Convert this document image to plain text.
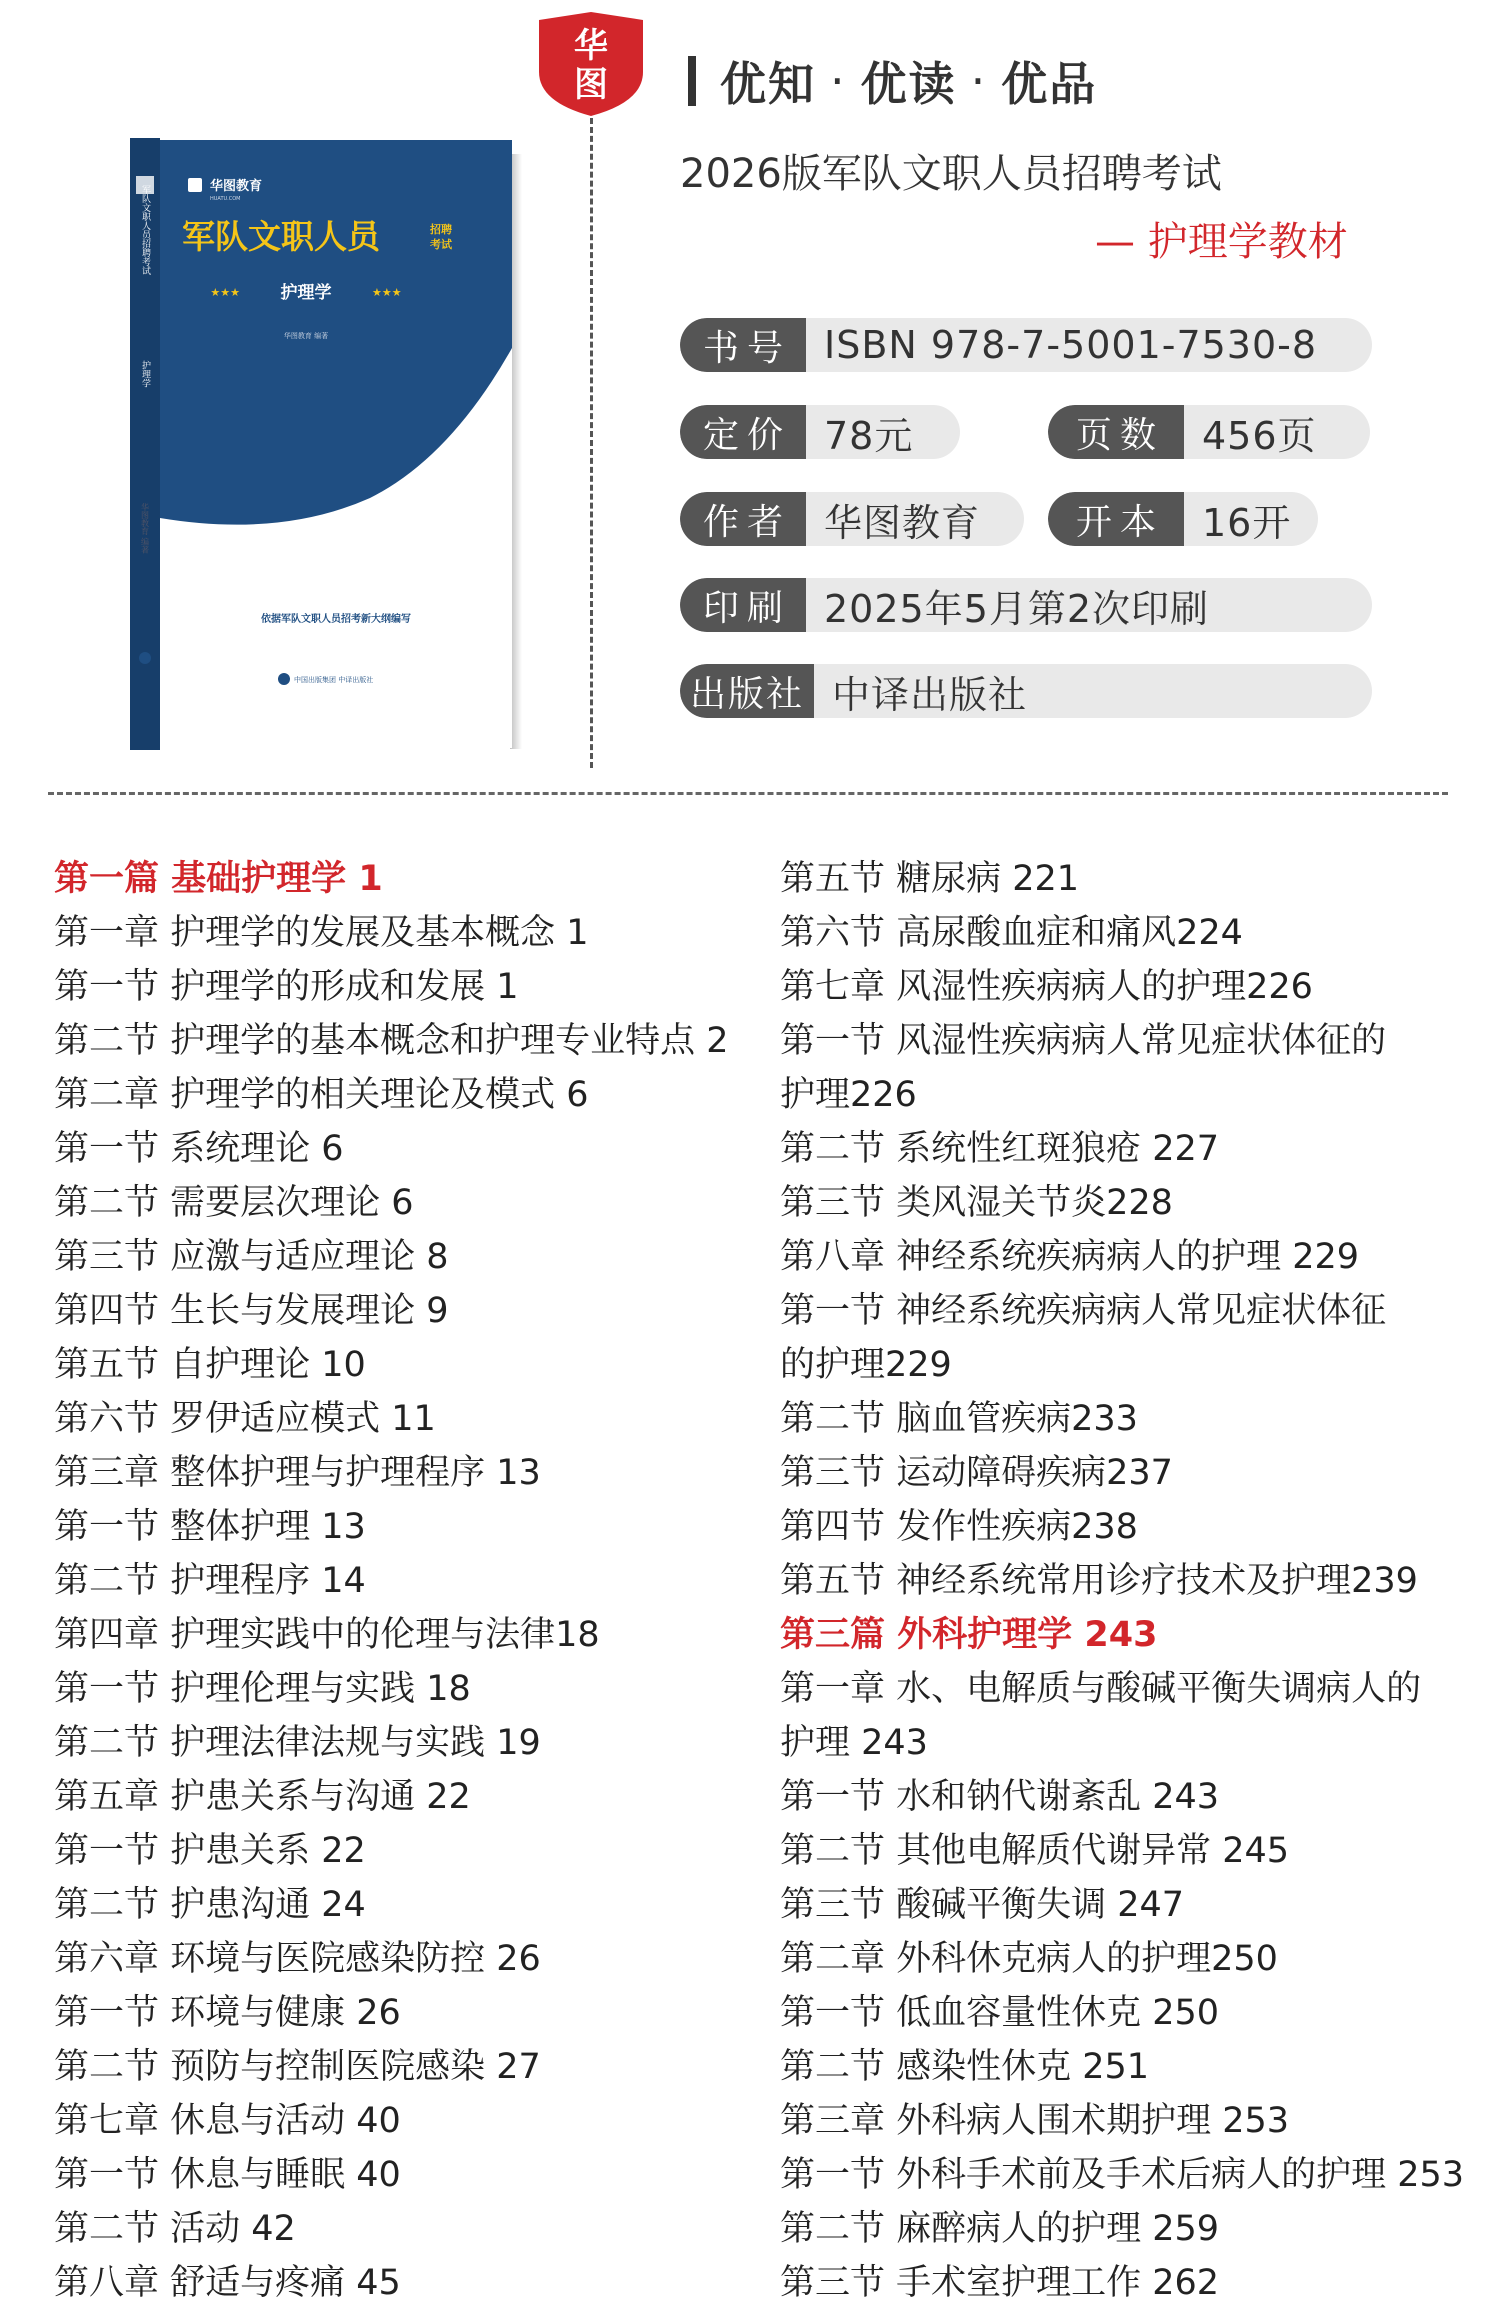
华
图 优知 · 优读 · 优品
2026版军队文职人员招聘考试
— 护理学教材
书号 ISBN 978-7-5001-7530-8
定价 78元	页数	456页
作者 华图教育	开本	16开
印刷 2025年5月第2次印刷
出版社 中译出版社
军队文职人员招聘考试
护理学
华图教育 编著
华图教育
HUATU.COM
军队文职人员	招聘
考试
★★★ 护理学	★★★
华图教育 编著
依据军队文职人员招考新大纲编写
中国出版集团 中译出版社
第一篇 基础护理学 1
第一章 护理学的发展及基本概念 1
第一节 护理学的形成和发展 1
第二节 护理学的基本概念和护理专业特点 2
第二章 护理学的相关理论及模式 6
第一节 系统理论 6
第二节 需要层次理论 6
第三节 应激与适应理论 8
第四节 生长与发展理论 9
第五节 自护理论 10
第六节 罗伊适应模式 11
第三章 整体护理与护理程序 13
第一节 整体护理 13
第二节 护理程序 14
第四章 护理实践中的伦理与法律18
第一节 护理伦理与实践 18
第二节 护理法律法规与实践 19
第五章 护患关系与沟通 22
第一节 护患关系 22
第二节 护患沟通 24
第六章 环境与医院感染防控 26
第一节 环境与健康 26
第二节 预防与控制医院感染 27
第七章 休息与活动 40
第一节 休息与睡眠 40
第二节 活动 42
第八章 舒适与疼痛 45
第五节 糖尿病 221
第六节 高尿酸血症和痛风224
第七章 风湿性疾病病人的护理226
第一节 风湿性疾病病人常见症状体征的
护理226
第二节 系统性红斑狼疮 227
第三节 类风湿关节炎228
第八章 神经系统疾病病人的护理 229
第一节 神经系统疾病病人常见症状体征
的护理229
第二节 脑血管疾病233
第三节 运动障碍疾病237
第四节 发作性疾病238
第五节 神经系统常用诊疗技术及护理239
第三篇 外科护理学 243
第一章 水、电解质与酸碱平衡失调病人的
护理 243
第一节 水和钠代谢紊乱 243
第二节 其他电解质代谢异常 245
第三节 酸碱平衡失调 247
第二章 外科休克病人的护理250
第一节 低血容量性休克 250
第二节 感染性休克 251
第三章 外科病人围术期护理 253
第一节 外科手术前及手术后病人的护理 253
第二节 麻醉病人的护理 259
第三节 手术室护理工作 262
